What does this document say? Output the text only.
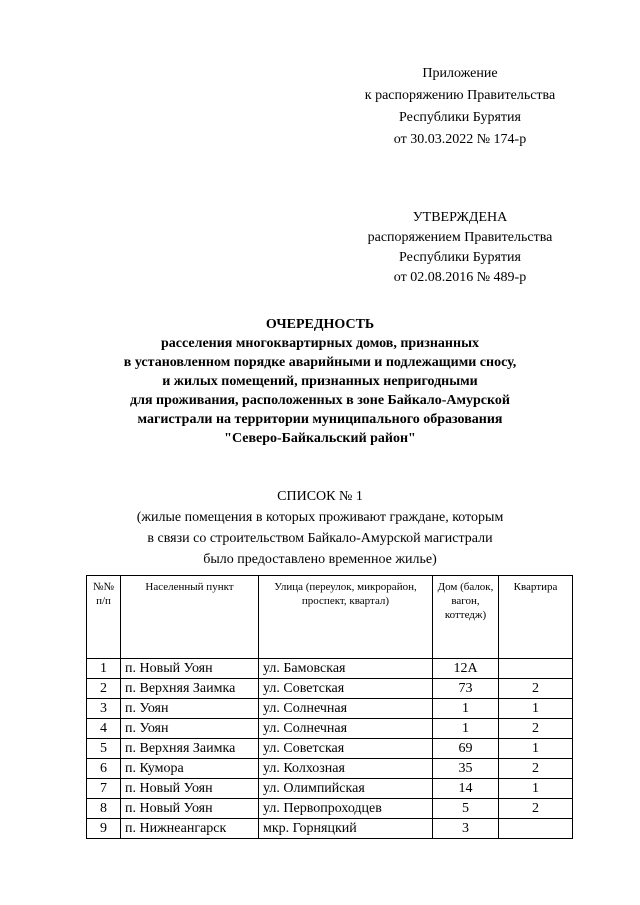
Приложение
к распоряжению Правительства
Республики Бурятия
от 30.03.2022 № 174-р
УТВЕРЖДЕНА
распоряжением Правительства
Республики Бурятия
от 02.08.2016 № 489-р
ОЧЕРЕДНОСТЬ
расселения многоквартирных домов, признанных
в установленном порядке аварийными и подлежащими сносу,
и жилых помещений, признанных непригодными
для проживания, расположенных в зоне Байкало-Амурской
магистрали на территории муниципального образования
"Северо-Байкальский район"
СПИСОК № 1
(жилые помещения в которых проживают граждане, которым
в связи со строительством Байкало-Амурской магистрали
было предоставлено временное жилье)
№№ п/п	Населенный пункт	Улица (переулок, микрорайон, проспект, квартал)	Дом (балок, вагон, коттедж)	Квартира
1	п. Новый Уоян	ул. Бамовская	12А	
2	п. Верхняя Заимка	ул. Советская	73	2
3	п. Уоян	ул. Солнечная	1	1
4	п. Уоян	ул. Солнечная	1	2
5	п. Верхняя Заимка	ул. Советская	69	1
6	п. Кумора	ул. Колхозная	35	2
7	п. Новый Уоян	ул. Олимпийская	14	1
8	п. Новый Уоян	ул. Первопроходцев	5	2
9	п. Нижнеангарск	мкр. Горняцкий	3	
